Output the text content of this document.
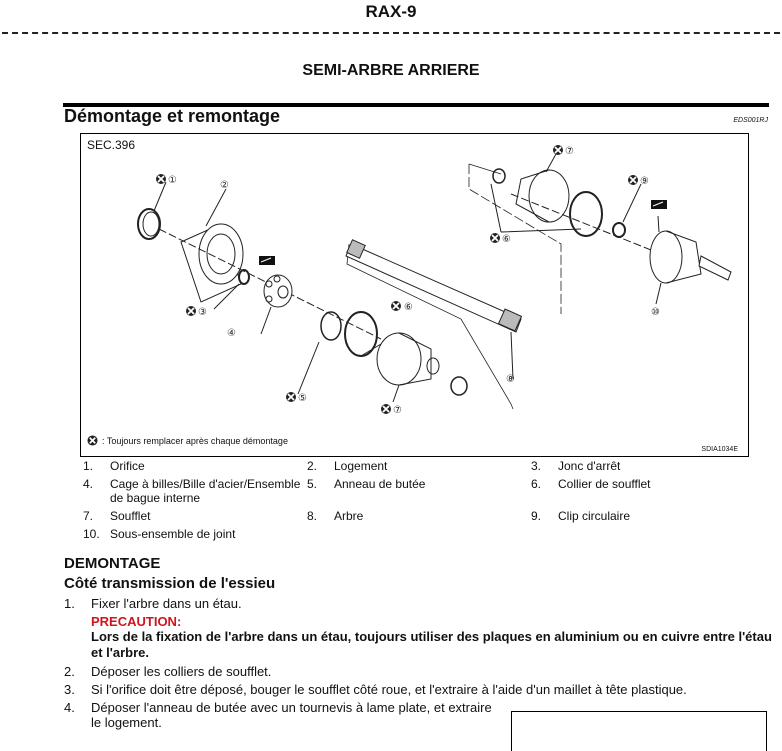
RAX-9
SEMI-ARBRE ARRIERE
Démontage et remontage	EDS001RJ
SEC.396
①	②
③
④
⑤
⑥
⑦
⑧
⑦
⑥
⑨
⑩
: Toujours remplacer après chaque démontage
SDIA1034E
1.	Orifice	2.	Logement	3.	Jonc d'arrêt
4.	Cage à billes/Bille d'acier/Ensemble de bague interne
5.	Anneau de butée	6.	Collier de soufflet
7.	Soufflet	8.	Arbre	9.	Clip circulaire
10. Sous-ensemble de joint
DEMONTAGE
Côté transmission de l'essieu
1.	Fixer l'arbre dans un étau.
PRECAUTION:
Lors de la fixation de l'arbre dans un étau, toujours utiliser des plaques en aluminium ou en cuivre entre l'étau et l'arbre.
2.	Déposer les colliers de soufflet.
3.	Si l'orifice doit être déposé, bouger le soufflet côté roue, et l'extraire à l'aide d'un maillet à tête plastique.
4.	Déposer l'anneau de butée avec un tournevis à lame plate, et extraire le logement.
